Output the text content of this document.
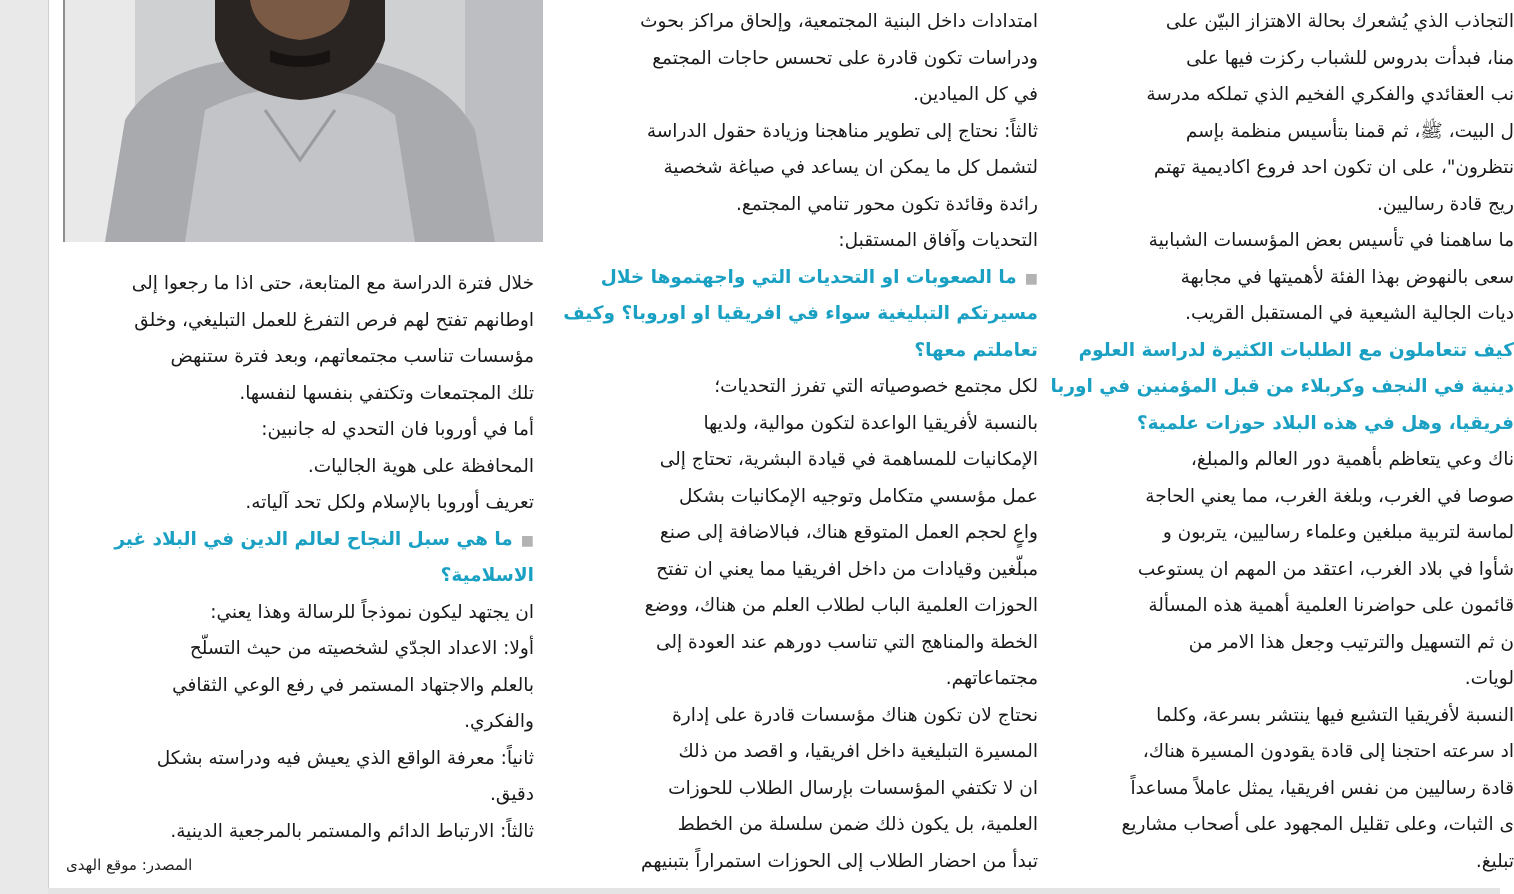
التجاذب الذي يُشعرك بحالة الاهتزاز البيّن على
منا، فبدأت بدروس للشباب ركزت فيها على
نب العقائدي والفكري الفخيم الذي تملكه مدرسة
ل البيت، ﷺ، ثم قمنا بتأسيس منظمة بإسم
نتظرون"، على ان تكون احد فروع اكاديمية تهتم
ريج قادة رساليين.
ما ساهمنا في تأسيس بعض المؤسسات الشبابية
سعى بالنهوض بهذا الفئة لأهميتها في مجابهة
ديات الجالية الشيعية في المستقبل القريب.
كيف تتعاملون مع الطلبات الكثيرة لدراسة العلوم
دينية في النجف وكربلاء من قبل المؤمنين في اوربا
فريقيا، وهل في هذه البلاد حوزات علمية؟
ناك وعي يتعاظم بأهمية دور العالم والمبلغ،
صوصا في الغرب، وبلغة الغرب، مما يعني الحاجة
لماسة لتربية مبلغين وعلماء رساليين، يتربون و
شأوا في بلاد الغرب، اعتقد من المهم ان يستوعب
قائمون على حواضرنا العلمية أهمية هذه المسألة
ن ثم التسهيل والترتيب وجعل هذا الامر من
لويات.
النسبة لأفريقيا التشيع فيها ينتشر بسرعة، وكلما
اد سرعته احتجنا إلى قادة يقودون المسيرة هناك،
قادة رساليين من نفس افريقيا، يمثل عاملاً مساعداً
ى الثبات، وعلى تقليل المجهود على أصحاب مشاريع
تبليغ.
امتدادات داخل البنية المجتمعية، وإلحاق مراكز بحوث
ودراسات تكون قادرة على تحسس حاجات المجتمع
في كل الميادين.
ثالثاً: نحتاج إلى تطوير مناهجنا وزيادة حقول الدراسة
لتشمل كل ما يمكن ان يساعد في صياغة شخصية
رائدة وقائدة تكون محور تنامي المجتمع.
التحديات وآفاق المستقبل:
■ما الصعوبات او التحديات التي واجهتموها خلال
مسيرتكم التبليغية سواء في افريقيا او اوروبا؟ وكيف
تعاملتم معها؟
لكل مجتمع خصوصياته التي تفرز التحديات؛
بالنسبة لأفريقيا الواعدة لتكون موالية، ولديها
الإمكانيات للمساهمة في قيادة البشرية، تحتاج إلى
عمل مؤسسي متكامل وتوجيه الإمكانيات بشكل
واعٍ لحجم العمل المتوقع هناك، فبالاضافة إلى صنع
مبلّغين وقيادات من داخل افريقيا مما يعني ان تفتح
الحوزات العلمية الباب لطلاب العلم من هناك، ووضع
الخطة والمناهج التي تناسب دورهم عند العودة إلى
مجتماعاتهم.
نحتاج لان تكون هناك مؤسسات قادرة على إدارة
المسيرة التبليغية داخل افريقيا، و اقصد من ذلك
ان لا تكتفي المؤسسات بإرسال الطلاب للحوزات
العلمية، بل يكون ذلك ضمن سلسلة من الخطط
تبدأ من احضار الطلاب إلى الحوزات استمراراً بتبنيهم
خلال فترة الدراسة مع المتابعة، حتى اذا ما رجعوا إلى
اوطانهم تفتح لهم فرص التفرغ للعمل التبليغي، وخلق
مؤسسات تناسب مجتمعاتهم، وبعد فترة ستنهض
تلك المجتمعات وتكتفي بنفسها لنفسها.
أما في أوروبا فان التحدي له جانبين:
المحافظة على هوية الجاليات.
تعريف أوروبا بالإسلام ولكل تحد آلياته.
■ما هي سبل النجاح لعالم الدين في البلاد غير
الاسلامية؟
ان يجتهد ليكون نموذجاً للرسالة وهذا يعني:
أولا: الاعداد الجدّي لشخصيته من حيث التسلّح
بالعلم والاجتهاد المستمر في رفع الوعي الثقافي
والفكري.
ثانياً: معرفة الواقع الذي يعيش فيه ودراسته بشكل
دقيق.
ثالثاً: الارتباط الدائم والمستمر بالمرجعية الدينية.
المصدر: موقع الهدى
